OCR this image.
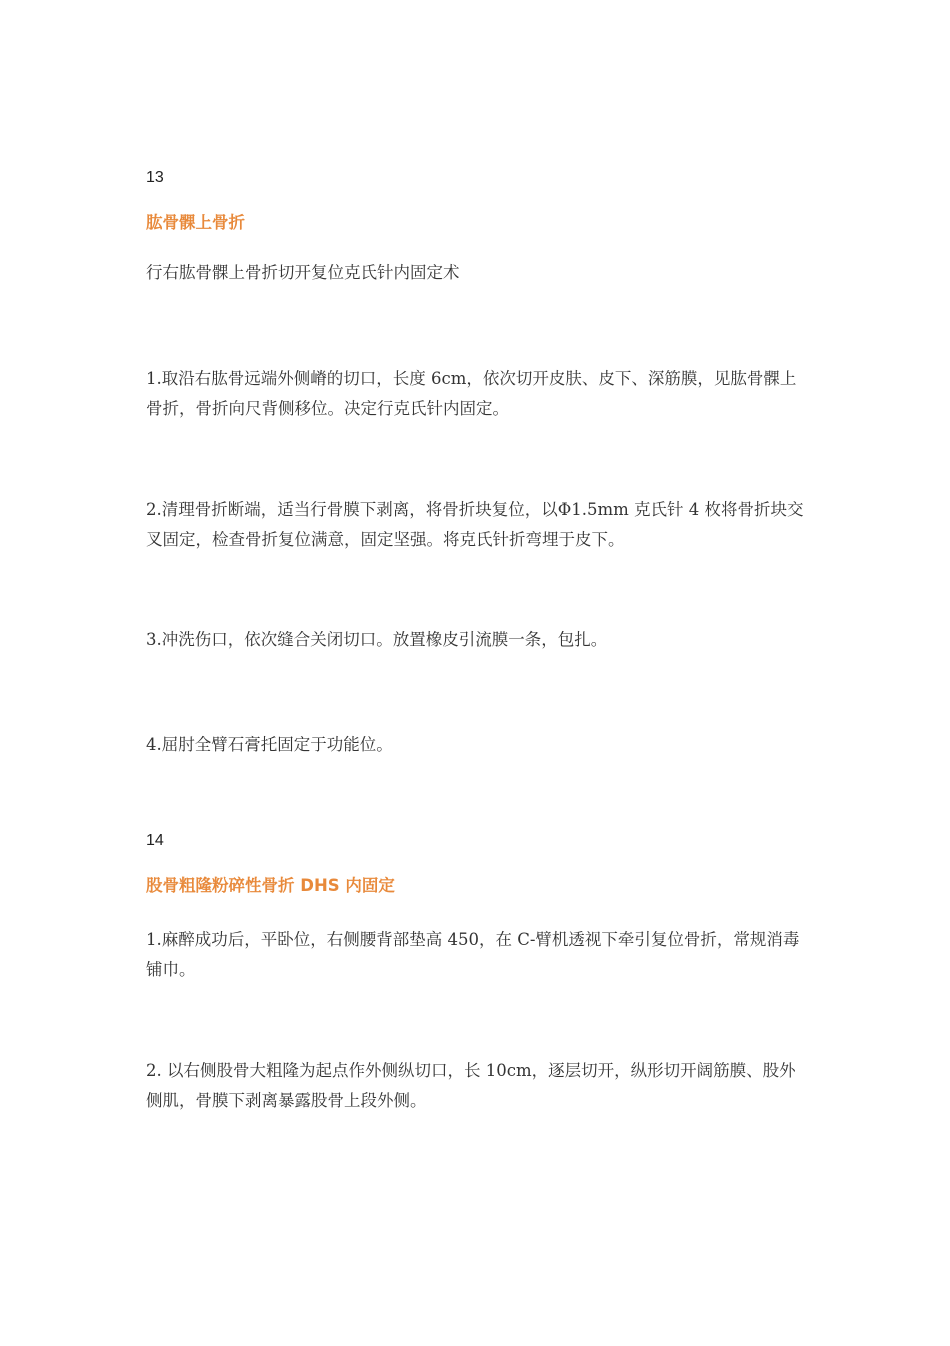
13
肱骨髁上骨折
行右肱骨髁上骨折切开复位克氏针内固定术
1.取沿右肱骨远端外侧嵴的切口，长度 6cm，依次切开皮肤、皮下、深筋膜，见肱骨髁上骨折，骨折向尺背侧移位。决定行克氏针内固定。
2.清理骨折断端，适当行骨膜下剥离，将骨折块复位，以Φ1.5mm 克氏针 4 枚将骨折块交叉固定，检查骨折复位满意，固定坚强。将克氏针折弯埋于皮下。
3.冲洗伤口，依次缝合关闭切口。放置橡皮引流膜一条，包扎。
4.屈肘全臂石膏托固定于功能位。
14
股骨粗隆粉碎性骨折 DHS 内固定
1.麻醉成功后，平卧位，右侧腰背部垫高 450，在 C-臂机透视下牵引复位骨折，常规消毒铺巾。
2. 以右侧股骨大粗隆为起点作外侧纵切口，长 10cm，逐层切开，纵形切开阔筋膜、股外侧肌，骨膜下剥离暴露股骨上段外侧。
